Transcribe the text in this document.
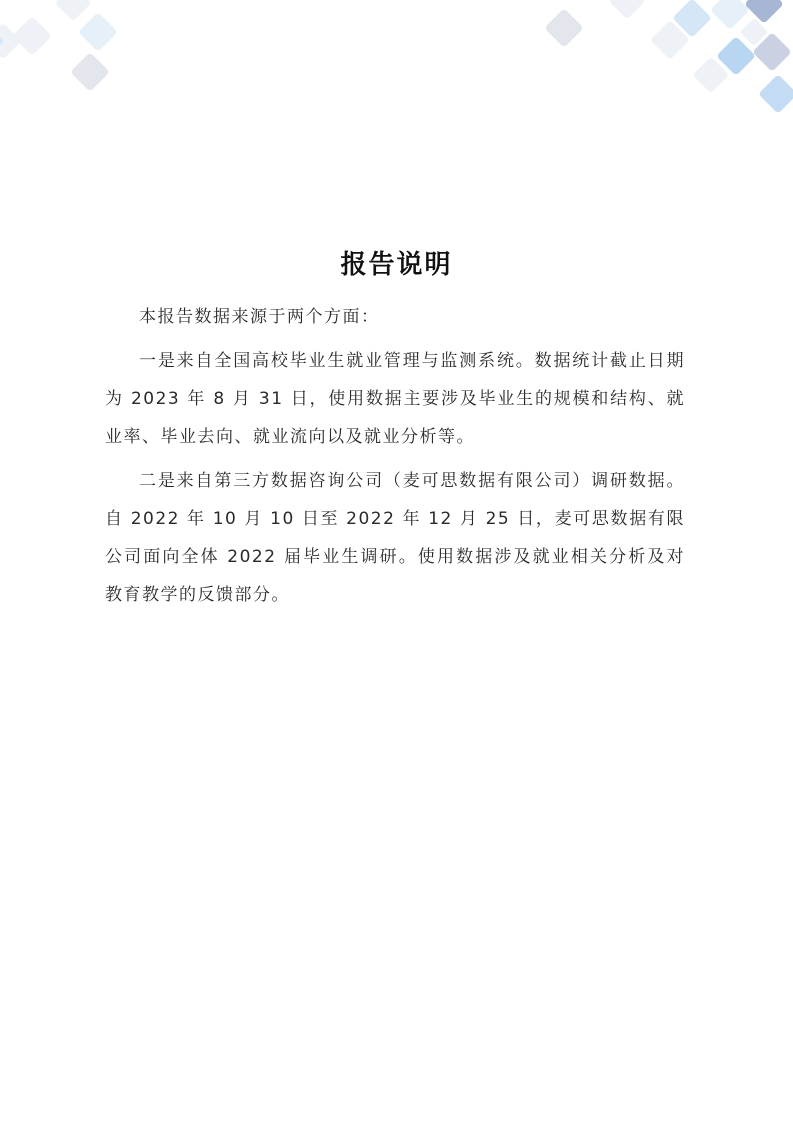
报告说明

本报告数据来源于两个方面：

一是来自全国高校毕业生就业管理与监测系统。数据统计截止日期为 2023 年 8 月 31 日，使用数据主要涉及毕业生的规模和结构、就业率、毕业去向、就业流向以及就业分析等。

二是来自第三方数据咨询公司（麦可思数据有限公司）调研数据。 自 2022 年 10 月 10 日至 2022 年 12 月 25 日，麦可思数据有限公司面向全体 2022 届毕业生调研。使用数据涉及就业相关分析及对教育教学的反馈部分。
